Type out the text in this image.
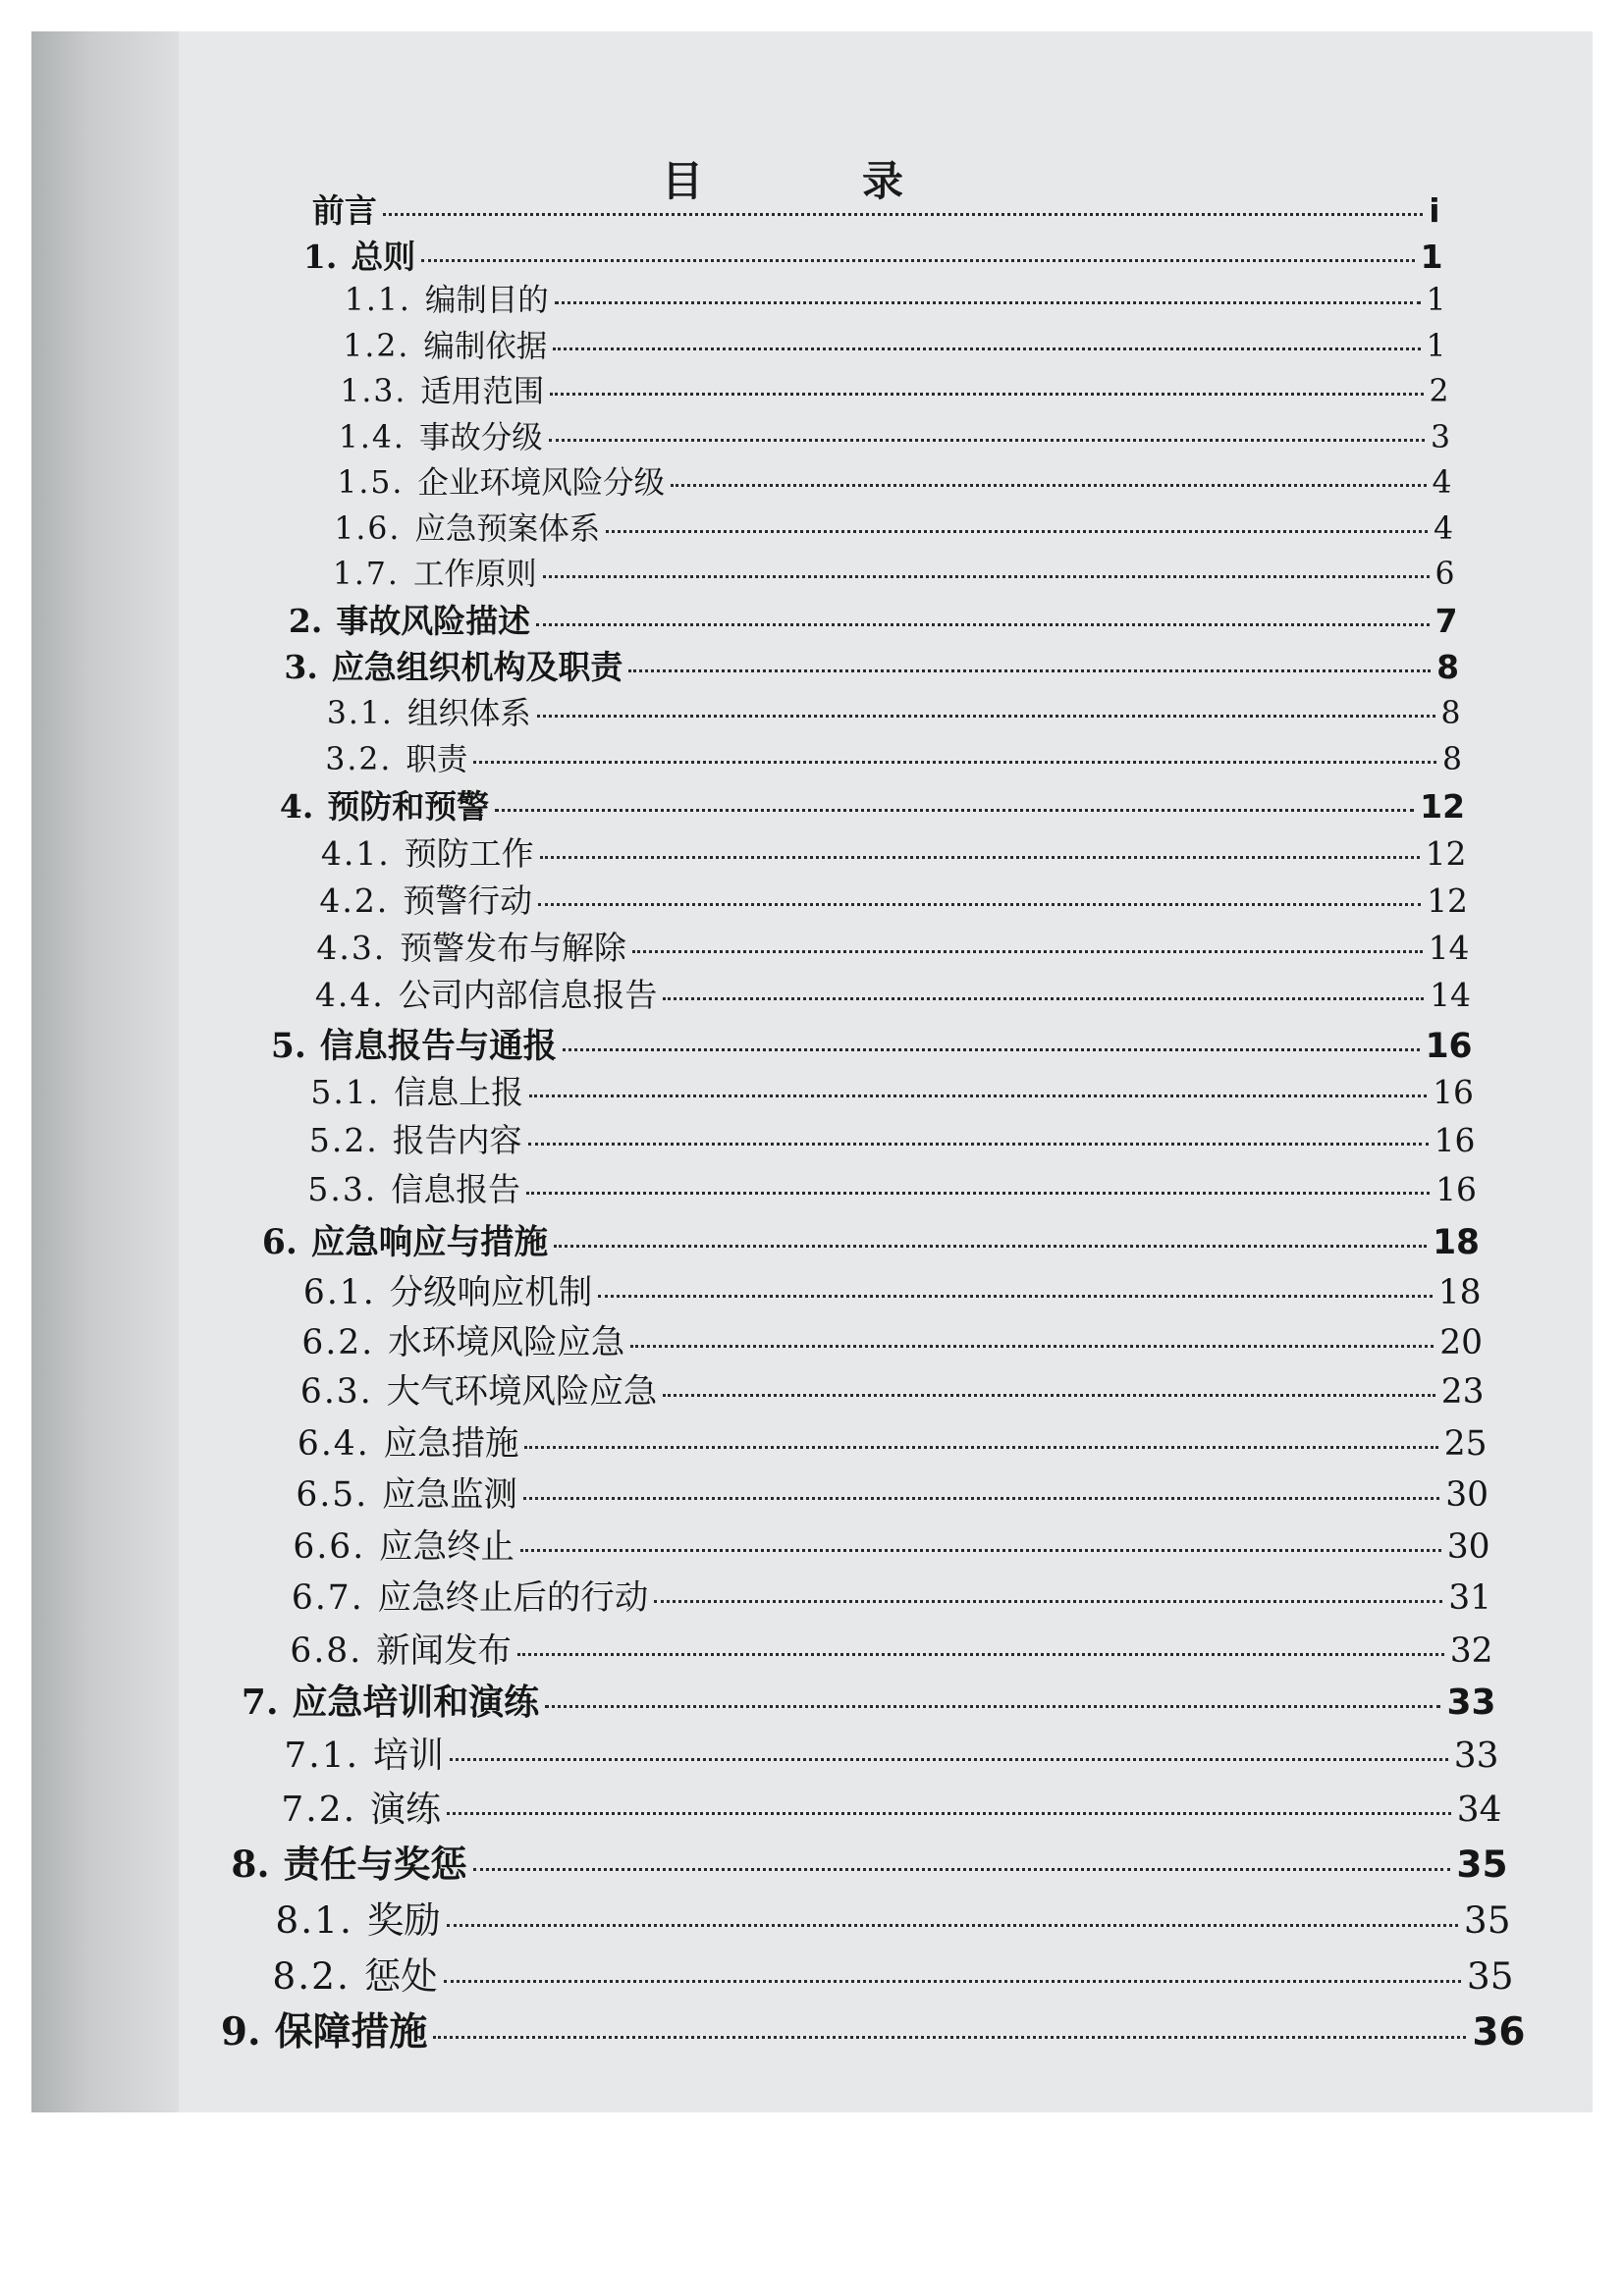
目　录
前言	i
1. 总则	1
1.1. 编制目的	1
1.2. 编制依据	1
1.3. 适用范围	2
1.4. 事故分级	3
1.5. 企业环境风险分级	4
1.6. 应急预案体系	4
1.7. 工作原则	6
2. 事故风险描述	7
3. 应急组织机构及职责	8
3.1. 组织体系	8
3.2. 职责	8
4. 预防和预警	12
4.1. 预防工作	12
4.2. 预警行动	12
4.3. 预警发布与解除	14
4.4. 公司内部信息报告	14
5. 信息报告与通报	16
5.1. 信息上报	16
5.2. 报告内容	16
5.3. 信息报告	16
6. 应急响应与措施	18
6.1. 分级响应机制	18
6.2. 水环境风险应急	20
6.3. 大气环境风险应急	23
6.4. 应急措施	25
6.5. 应急监测	30
6.6. 应急终止	30
6.7. 应急终止后的行动	31
6.8. 新闻发布	32
7. 应急培训和演练	33
7.1. 培训	33
7.2. 演练	34
8. 责任与奖惩	35
8.1. 奖励	35
8.2. 惩处	35
9. 保障措施	36
